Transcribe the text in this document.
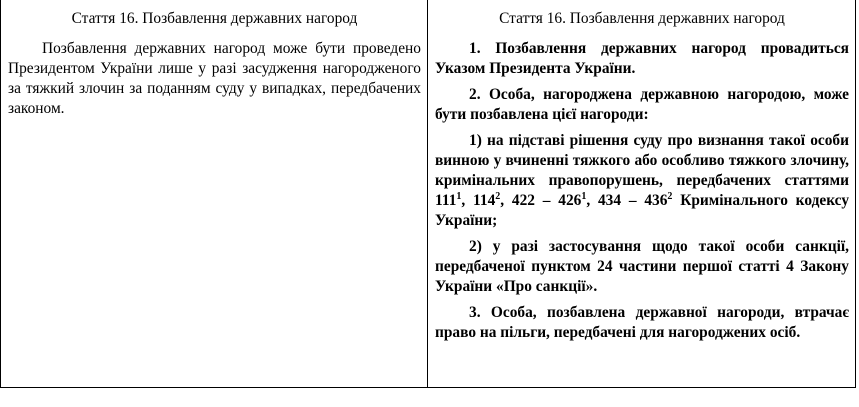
Стаття 16. Позбавлення державних нагород

Позбавлення державних нагород може бути проведено Президентом України лише у разі засудження нагородженого за тяжкий злочин за поданням суду у випадках, передбачених законом.

Стаття 16. Позбавлення державних нагород

1. Позбавлення державних нагород провадиться Указом Президента України.

2. Особа, нагороджена державною нагородою, може бути позбавлена цієї нагороди:

1) на підставі рішення суду про визнання такої особи винною у вчиненні тяжкого або особливо тяжкого злочину, кримінальних правопорушень, передбачених статтями $111^1$, $114^2$, $422 - 426^1$, $434 - 436^2$ Кримінального кодексу України;

2) у разі застосування щодо такої особи санкції, передбаченої пунктом 24 частини першої статті 4 Закону України «Про санкції».

3. Особа, позбавлена державної нагороди, втрачає право на пільги, передбачені для нагороджених осіб.
